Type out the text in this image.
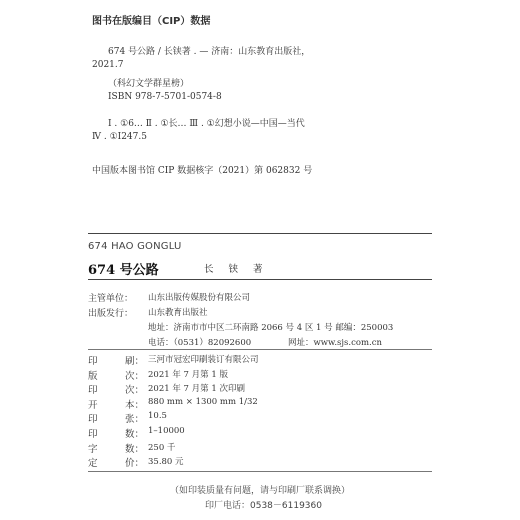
图书在版编目（CIP）数据
674 号公路 / 长铗著 . — 济南：山东教育出版社，
2021.7
（科幻文学群星榜）
ISBN 978-7-5701-0574-8
Ⅰ . ①6… Ⅱ . ①长… Ⅲ . ①幻想小说—中国—当代
Ⅳ . ①I247.5
中国版本图书馆 CIP 数据核字（2021）第 062832 号
674 HAO GONGLU
674 号公路	长 铗 著
主管单位： 山东出版传媒股份有限公司
出版发行： 山东教育出版社
地址：济南市市中区二环南路 2066 号 4 区 1 号 邮编：250003
电话：（0531）82092600	网址：www.sjs.com.cn
印	刷： 三河市冠宏印刷装订有限公司
版	次： 2021 年 7 月第 1 版
印	次： 2021 年 7 月第 1 次印刷
开	本： 880 mm × 1300 mm 1/32
印	张： 10.5
印	数： 1–10000
字	数： 250 千
定	价： 35.80 元
（如印装质量有问题，请与印刷厂联系调换）
印厂电话：0538－6119360
